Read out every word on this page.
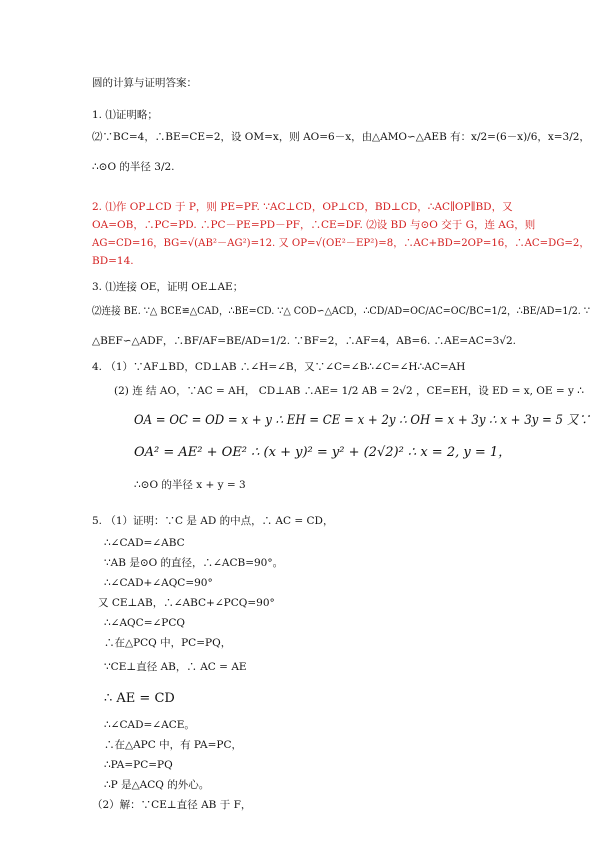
圆的计算与证明答案：
1. ⑴证明略；
⑵∵BC=4，∴BE=CE=2，设 OM=x，则 AO=6－x，由△AMO∽△AEB 有：x/2=(6－x)/6，x=3/2，
∴⊙O 的半径 3/2.
2. ⑴作 OP⊥CD 于 P，则 PE=PF. ∵AC⊥CD，OP⊥CD，BD⊥CD，∴AC∥OP∥BD，又
OA=OB，∴PC=PD. ∴PC－PE=PD－PF，∴CE=DF. ⑵设 BD 与⊙O 交于 G，连 AG，则
AG=CD=16，BG=√(AB²－AG²)=12. 又 OP=√(OE²－EP²)=8，∴AC+BD=2OP=16，∴AC=DG=2，
BD=14.
3. ⑴连接 OE，证明 OE⊥AE；
⑵连接 BE. ∵△ BCE≌△CAD，∴BE=CD. ∵△ COD∽△ACD，∴CD/AD=OC/AC=OC/BC=1/2，∴BE/AD=1/2. ∵
△BEF∽△ADF，∴BF/AF=BE/AD=1/2. ∵BF=2，∴AF=4，AB=6. ∴AE=AC=3√2.
4. （1）∵AF⊥BD，CD⊥AB ∴∠H=∠B，又∵∠C=∠B∴∠C=∠H∴AC=AH
(2) 连 结 AO，∵AC = AH， CD⊥AB ∴AE= 1/2 AB = 2√2 ，CE=EH，设 ED = x, OE = y ∴
OA = OC = OD = x + y ∴ EH = CE = x + 2y ∴ OH = x + 3y ∴ x + 3y = 5 又∵
OA² = AE² + OE² ∴ (x + y)² = y² + (2√2)² ∴ x = 2, y = 1，
∴⊙O 的半径 x + y = 3
5. （1）证明：∵C 是 AD 的中点，∴ AC = CD，
∴∠CAD=∠ABC
∵AB 是⊙O 的直径，∴∠ACB=90°。
∴∠CAD+∠AQC=90°
又 CE⊥AB，∴∠ABC+∠PCQ=90°
∴∠AQC=∠PCQ
∴在△PCQ 中，PC=PQ，
∵CE⊥直径 AB，∴ AC = AE
∴ AE = CD
∴∠CAD=∠ACE。
∴在△APC 中，有 PA=PC，
∴PA=PC=PQ
∴P 是△ACQ 的外心。
（2）解：∵CE⊥直径 AB 于 F，
